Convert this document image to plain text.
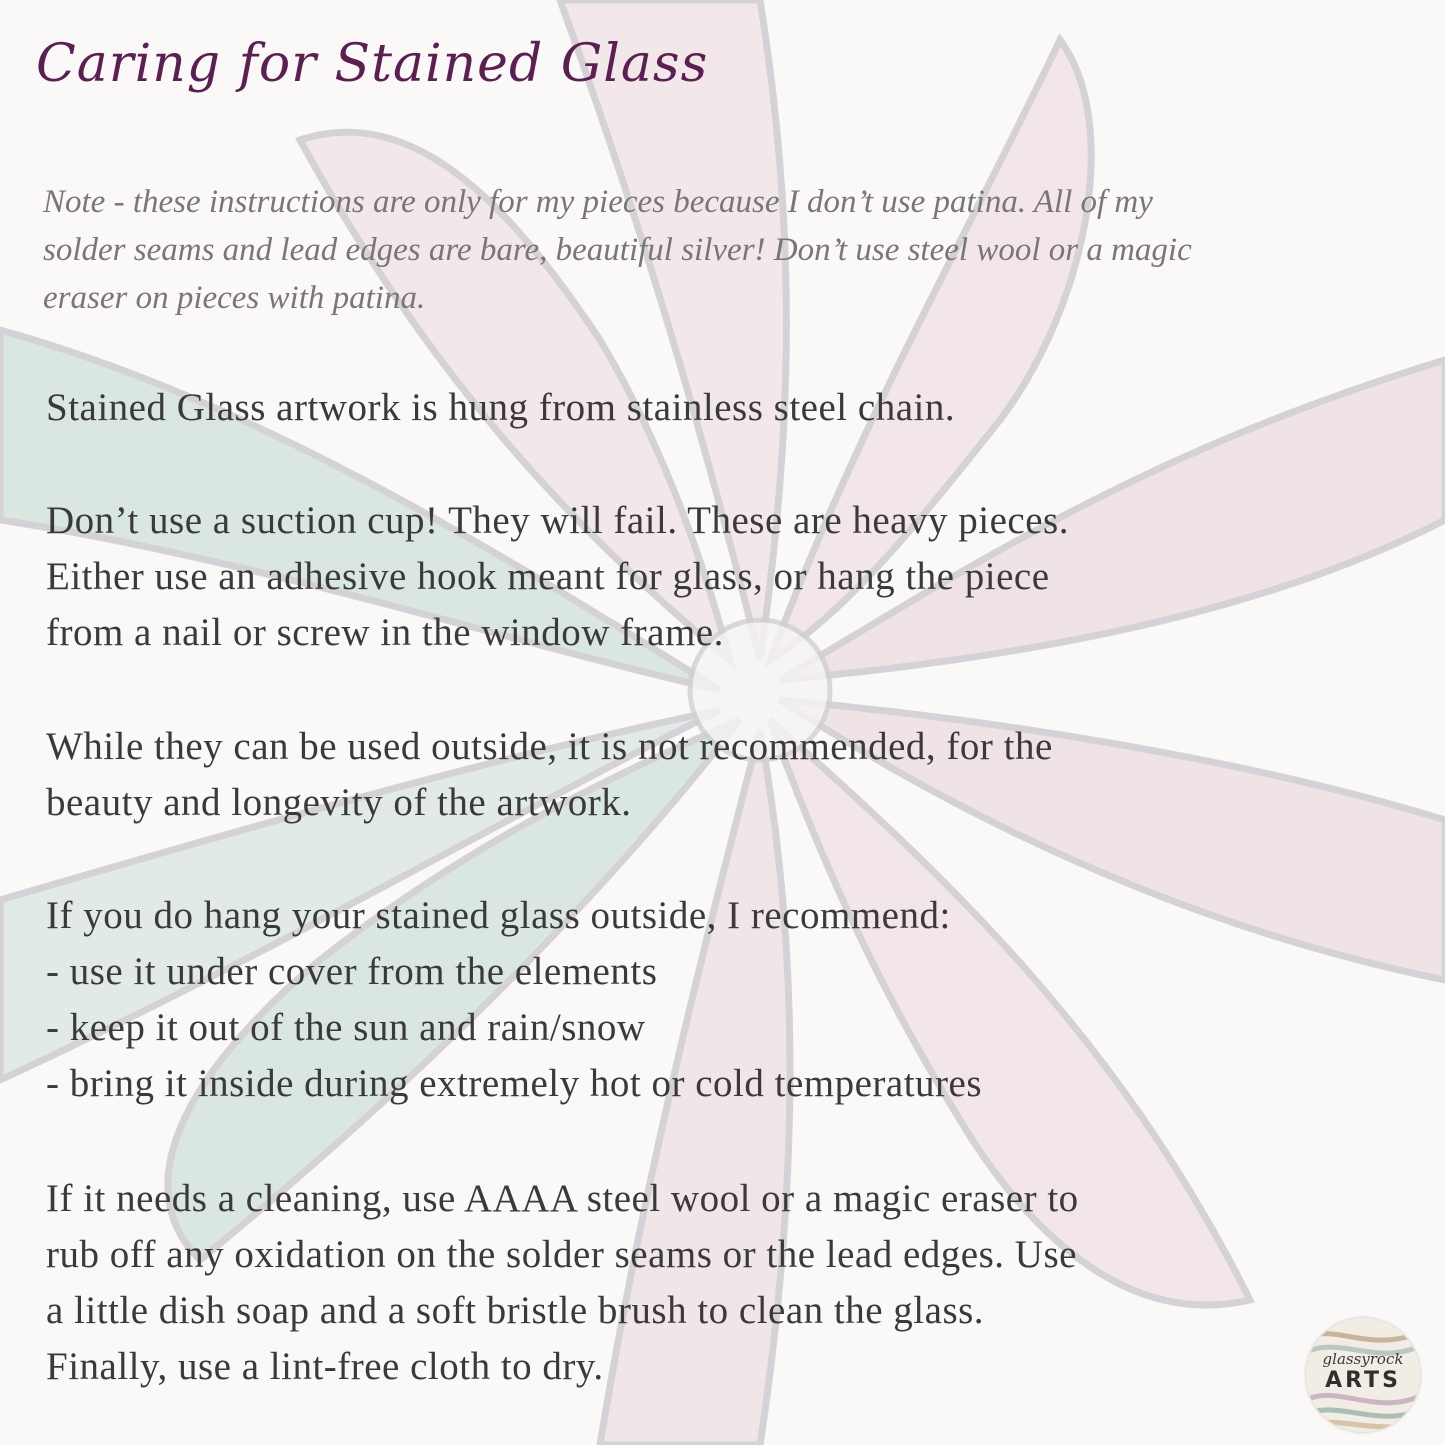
Caring for Stained Glass
Note - these instructions are only for my pieces because I don’t use patina. All of my
solder seams and lead edges are bare, beautiful silver! Don’t use steel wool or a magic
eraser on pieces with patina.
Stained Glass artwork is hung from stainless steel chain.
Don’t use a suction cup! They will fail. These are heavy pieces.
Either use an adhesive hook meant for glass, or hang the piece
from a nail or screw in the window frame.
While they can be used outside, it is not recommended, for the
beauty and longevity of the artwork.
If you do hang your stained glass outside, I recommend:
- use it under cover from the elements
- keep it out of the sun and rain/snow
- bring it inside during extremely hot or cold temperatures
If it needs a cleaning, use AAAA steel wool or a magic eraser to
rub off any oxidation on the solder seams or the lead edges. Use
a little dish soap and a soft bristle brush to clean the glass.
Finally, use a lint-free cloth to dry.	glassyrock
ARTS
